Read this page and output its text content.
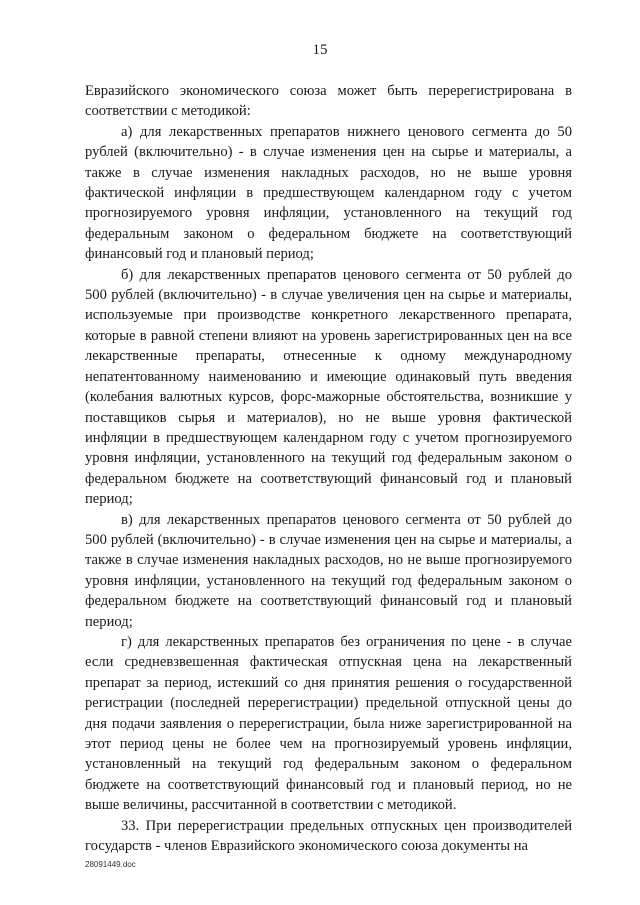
15

Евразийского экономического союза может быть перерегистрирована в соответствии с методикой:

а) для лекарственных препаратов нижнего ценового сегмента до 50 рублей (включительно) - в случае изменения цен на сырье и материалы, а также в случае изменения накладных расходов, но не выше уровня фактической инфляции в предшествующем календарном году с учетом прогнозируемого уровня инфляции, установленного на текущий год федеральным законом о федеральном бюджете на соответствующий финансовый год и плановый период;

б) для лекарственных препаратов ценового сегмента от 50 рублей до 500 рублей (включительно) - в случае увеличения цен на сырье и материалы, используемые при производстве конкретного лекарственного препарата, которые в равной степени влияют на уровень зарегистрированных цен на все лекарственные препараты, отнесенные к одному международному непатентованному наименованию и имеющие одинаковый путь введения (колебания валютных курсов, форс-мажорные обстоятельства, возникшие у поставщиков сырья и материалов), но не выше уровня фактической инфляции в предшествующем календарном году с учетом прогнозируемого уровня инфляции, установленного на текущий год федеральным законом о федеральном бюджете на соответствующий финансовый год и плановый период;

в) для лекарственных препаратов ценового сегмента от 50 рублей до 500 рублей (включительно) - в случае изменения цен на сырье и материалы, а также в случае изменения накладных расходов, но не выше прогнозируемого уровня инфляции, установленного на текущий год федеральным законом о федеральном бюджете на соответствующий финансовый год и плановый период;

г) для лекарственных препаратов без ограничения по цене - в случае если средневзвешенная фактическая отпускная цена на лекарственный препарат за период, истекший со дня принятия решения о государственной регистрации (последней перерегистрации) предельной отпускной цены до дня подачи заявления о перерегистрации, была ниже зарегистрированной на этот период цены не более чем на прогнозируемый уровень инфляции, установленный на текущий год федеральным законом о федеральном бюджете на соответствующий финансовый год и плановый период, но не выше величины, рассчитанной в соответствии с методикой.

33. При перерегистрации предельных отпускных цен производителей государств - членов Евразийского экономического союза документы на

28091449.doc
